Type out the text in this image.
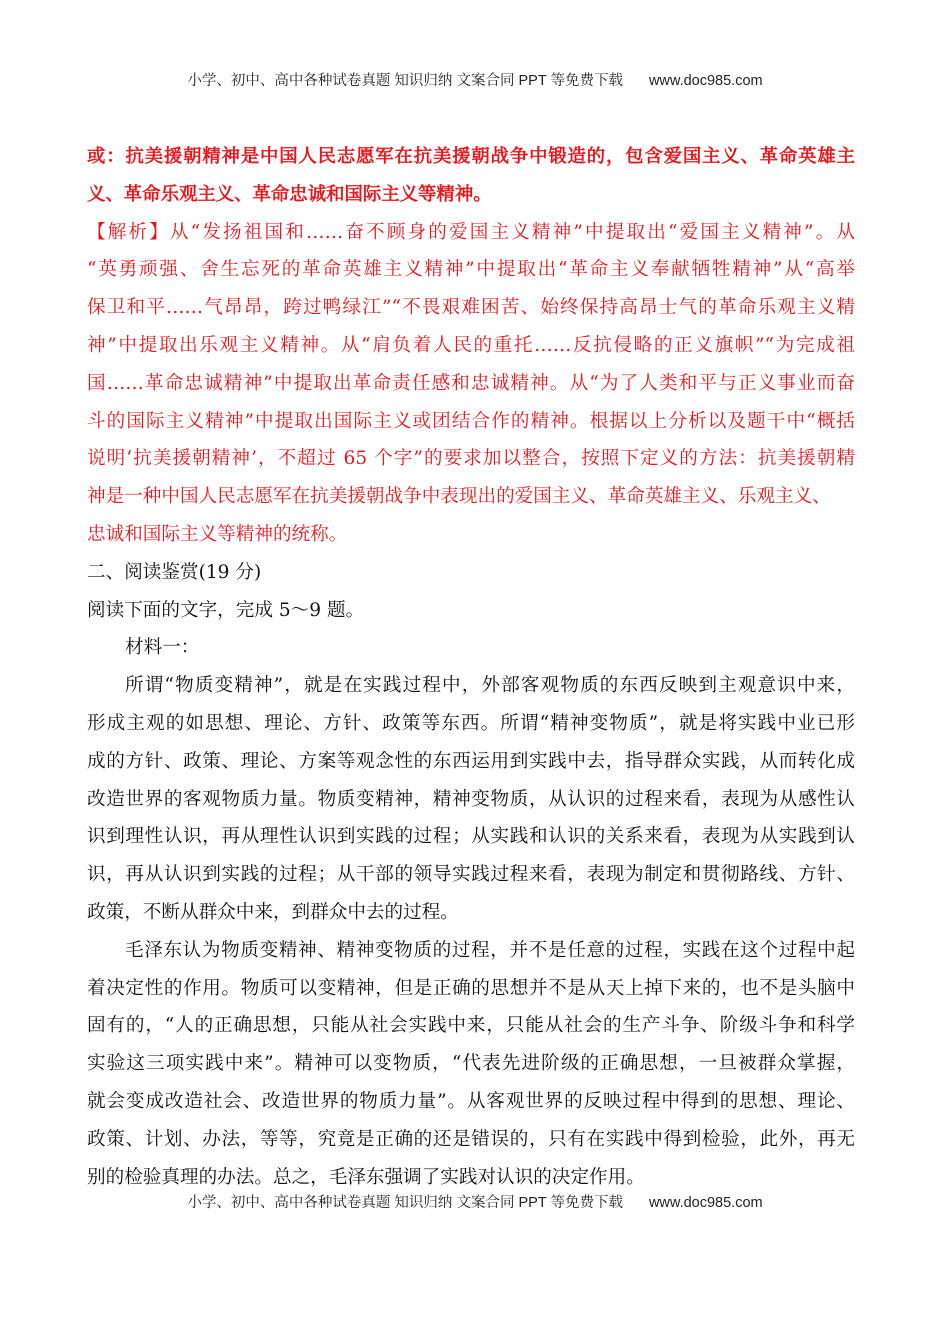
小学、初中、高中各种试卷真题 知识归纳 文案合同 PPT 等免费下载 www.doc985.com
或：抗美援朝精神是中国人民志愿军在抗美援朝战争中锻造的，包含爱国主义、革命英雄主
义、革命乐观主义、革命忠诚和国际主义等精神。
【解析】从“发扬祖国和……奋不顾身的爱国主义精神”中提取出“爱国主义精神”。从
“英勇顽强、舍生忘死的革命英雄主义精神”中提取出“革命主义奉献牺牲精神”从“高举
保卫和平……气昂昂，跨过鸭绿江”“不畏艰难困苦、始终保持高昂士气的革命乐观主义精
神”中提取出乐观主义精神。从“肩负着人民的重托……反抗侵略的正义旗帜”“为完成祖
国……革命忠诚精神”中提取出革命责任感和忠诚精神。从“为了人类和平与正义事业而奋
斗的国际主义精神”中提取出国际主义或团结合作的精神。根据以上分析以及题干中“概括
说明‘抗美援朝精神’，不超过 65 个字”的要求加以整合，按照下定义的方法：抗美援朝精
神是一种中国人民志愿军在抗美援朝战争中表现出的爱国主义、革命英雄主义、乐观主义、
忠诚和国际主义等精神的统称。
二、阅读鉴赏(19 分)
阅读下面的文字，完成 5～9 题。
材料一：
所谓“物质变精神”，就是在实践过程中，外部客观物质的东西反映到主观意识中来，
形成主观的如思想、理论、方针、政策等东西。所谓“精神变物质”，就是将实践中业已形
成的方针、政策、理论、方案等观念性的东西运用到实践中去，指导群众实践，从而转化成
改造世界的客观物质力量。物质变精神，精神变物质，从认识的过程来看，表现为从感性认
识到理性认识，再从理性认识到实践的过程；从实践和认识的关系来看，表现为从实践到认
识，再从认识到实践的过程；从干部的领导实践过程来看，表现为制定和贯彻路线、方针、
政策，不断从群众中来，到群众中去的过程。
毛泽东认为物质变精神、精神变物质的过程，并不是任意的过程，实践在这个过程中起
着决定性的作用。物质可以变精神，但是正确的思想并不是从天上掉下来的，也不是头脑中
固有的，“人的正确思想，只能从社会实践中来，只能从社会的生产斗争、阶级斗争和科学
实验这三项实践中来”。精神可以变物质，“代表先进阶级的正确思想，一旦被群众掌握，
就会变成改造社会、改造世界的物质力量”。从客观世界的反映过程中得到的思想、理论、
政策、计划、办法，等等，究竟是正确的还是错误的，只有在实践中得到检验，此外，再无
别的检验真理的办法。总之，毛泽东强调了实践对认识的决定作用。
小学、初中、高中各种试卷真题 知识归纳 文案合同 PPT 等免费下载 www.doc985.com
